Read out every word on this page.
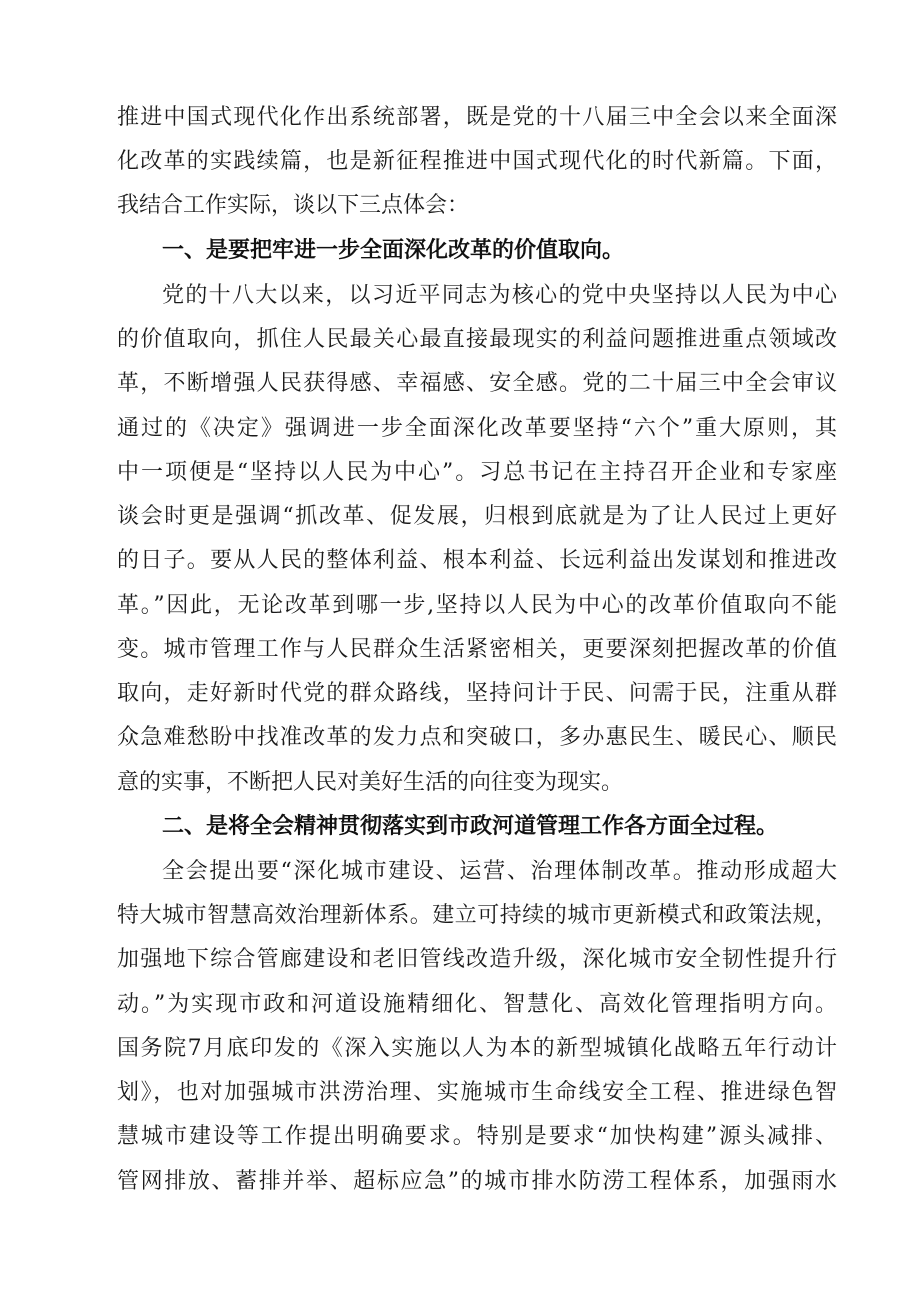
推进中国式现代化作出系统部署，既是党的十八届三中全会以来全面深
化改革的实践续篇，也是新征程推进中国式现代化的时代新篇。下面，
我结合工作实际，谈以下三点体会：
一、是要把牢进一步全面深化改革的价值取向。
党的十八大以来，以习近平同志为核心的党中央坚持以人民为中心
的价值取向，抓住人民最关心最直接最现实的利益问题推进重点领域改
革，不断增强人民获得感、幸福感、安全感。党的二十届三中全会审议
通过的《决定》强调进一步全面深化改革要坚持“六个”重大原则，其
中一项便是“坚持以人民为中心”。习总书记在主持召开企业和专家座
谈会时更是强调“抓改革、促发展，归根到底就是为了让人民过上更好
的日子。要从人民的整体利益、根本利益、长远利益出发谋划和推进改
革。”因此，无论改革到哪一步,坚持以人民为中心的改革价值取向不能
变。城市管理工作与人民群众生活紧密相关，更要深刻把握改革的价值
取向，走好新时代党的群众路线，坚持问计于民、问需于民，注重从群
众急难愁盼中找准改革的发力点和突破口，多办惠民生、暖民心、顺民
意的实事，不断把人民对美好生活的向往变为现实。
二、是将全会精神贯彻落实到市政河道管理工作各方面全过程。
全会提出要“深化城市建设、运营、治理体制改革。推动形成超大
特大城市智慧高效治理新体系。建立可持续的城市更新模式和政策法规，
加强地下综合管廊建设和老旧管线改造升级，深化城市安全韧性提升行
动。”为实现市政和河道设施精细化、智慧化、高效化管理指明方向。
国务院7月底印发的《深入实施以人为本的新型城镇化战略五年行动计
划》，也对加强城市洪涝治理、实施城市生命线安全工程、推进绿色智
慧城市建设等工作提出明确要求。特别是要求“加快构建”源头减排、
管网排放、蓄排并举、超标应急”的城市排水防涝工程体系，加强雨水
